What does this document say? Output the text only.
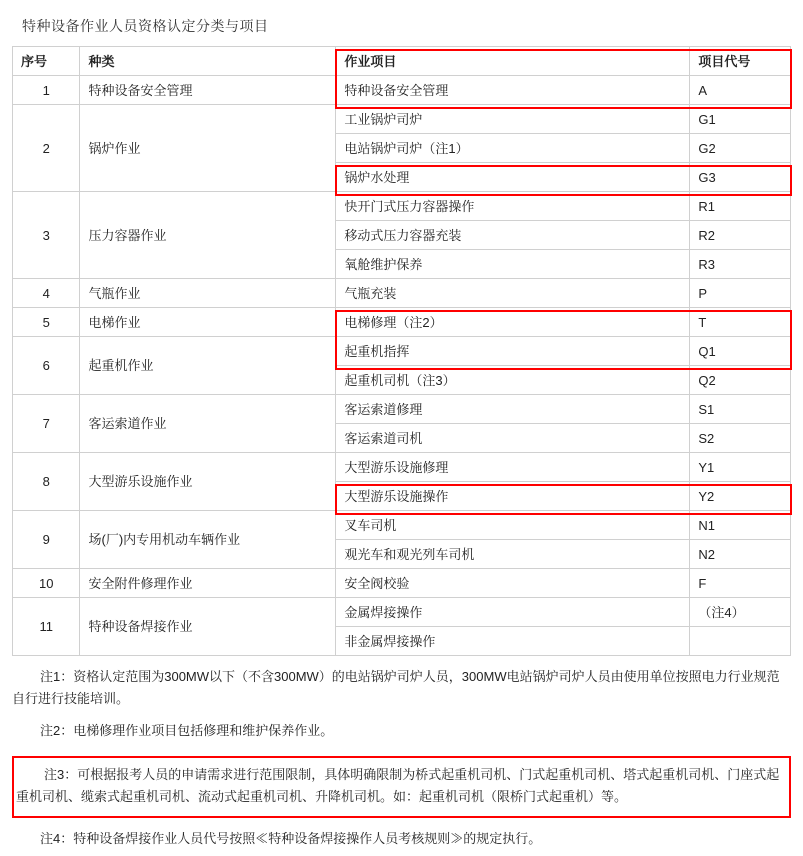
特种设备作业人员资格认定分类与项目
序号	种类	作业项目	项目代号

1	特种设备安全管理	特种设备安全管理	A

2	锅炉作业	工业锅炉司炉	G1

		电站锅炉司炉（注1）	G2

		锅炉水处理	G3

3	压力容器作业	快开门式压力容器操作	R1

		移动式压力容器充装	R2

		氧舱维护保养	R3

4	气瓶作业	气瓶充装	P

5	电梯作业	电梯修理（注2）	T

6	起重机作业	起重机指挥	Q1

		起重机司机（注3）	Q2

7	客运索道作业	客运索道修理	S1

		客运索道司机	S2

8	大型游乐设施作业	大型游乐设施修理	Y1

		大型游乐设施操作	Y2

9	场(厂)内专用机动车辆作业	叉车司机	N1

		观光车和观光列车司机	N2

10	安全附件修理作业	安全阀校验	F

11	特种设备焊接作业	金属焊接操作	（注4）

		非金属焊接操作	

注1：资格认定范围为300MW以下（不含300MW）的电站锅炉司炉人员，300MW电站锅炉司炉人员由使用单位按照电力行业规范自行进行技能培训。
注2：电梯修理作业项目包括修理和维护保养作业。
注3：可根据报考人员的申请需求进行范围限制，具体明确限制为桥式起重机司机、门式起重机司机、塔式起重机司机、门座式起重机司机、缆索式起重机司机、流动式起重机司机、升降机司机。如：起重机司机（限桥门式起重机）等。
注4：特种设备焊接作业人员代号按照≪特种设备焊接操作人员考核规则≫的规定执行。
